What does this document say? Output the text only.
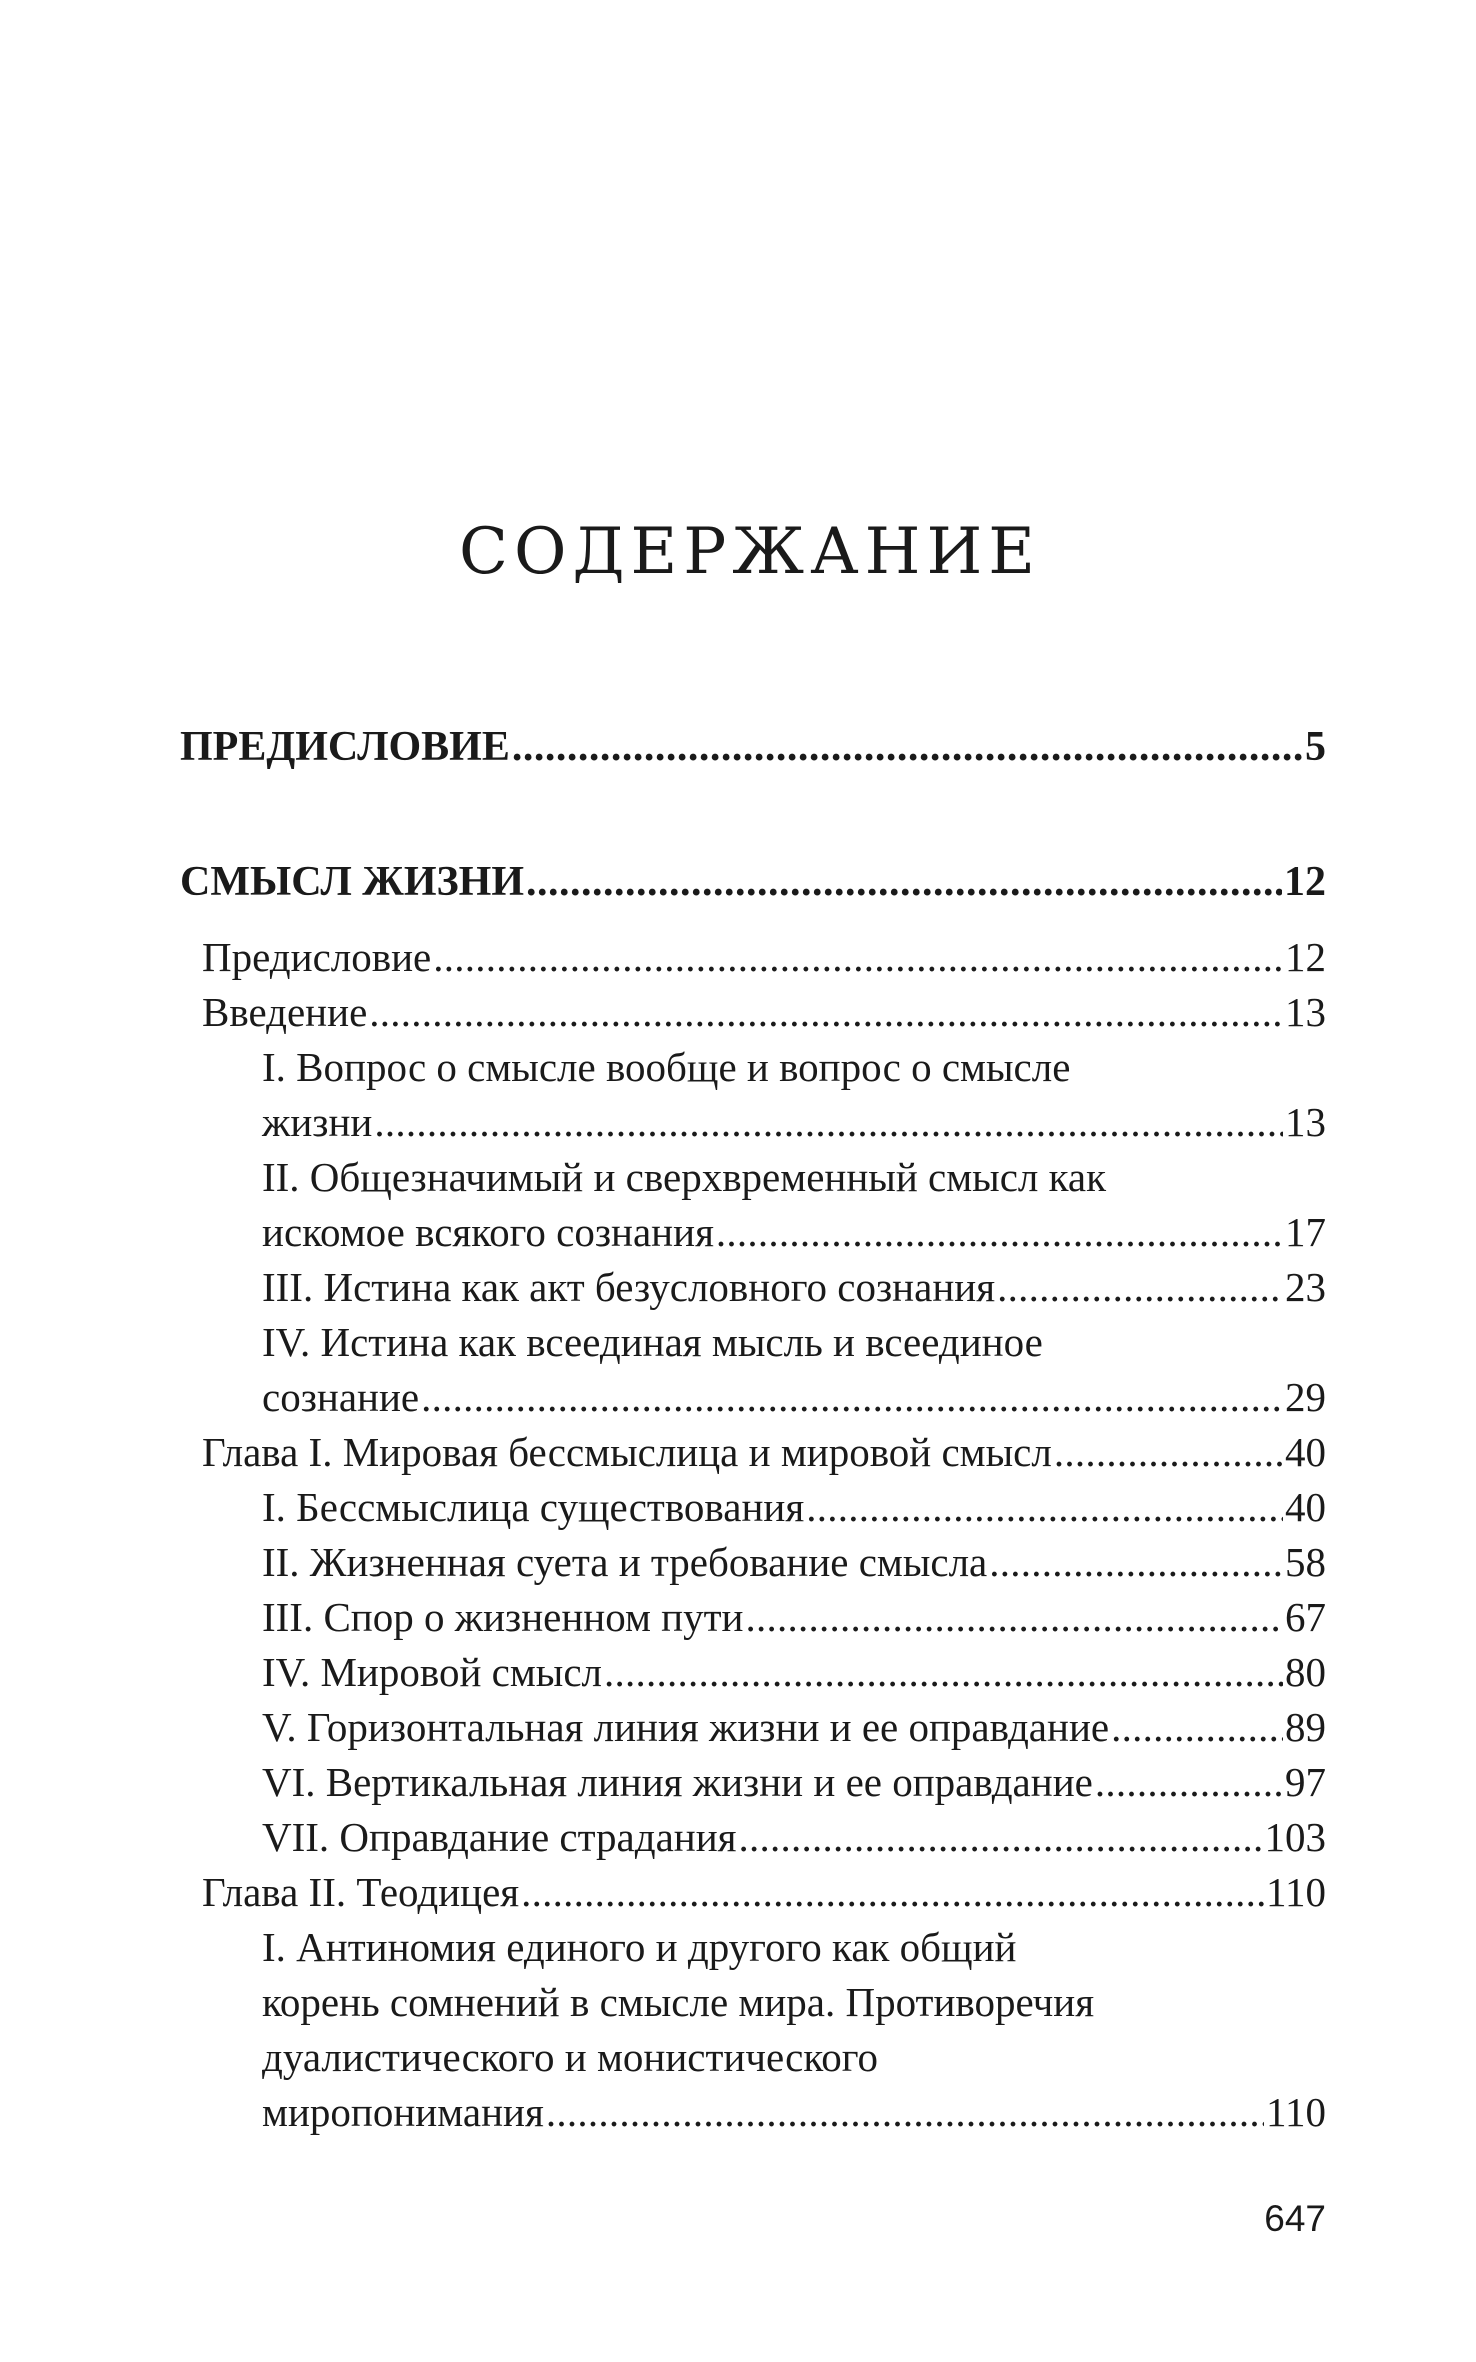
СОДЕРЖАНИЕ
ПРЕДИСЛОВИЕ . . .	5
СМЫСЛ ЖИЗНИ . . .	12
Предисловие . . .	12
Введение . . .	13
I. Вопрос о смысле вообще и вопрос о смысле
жизни . . .	13
II. Общезначимый и сверхвременный смысл как
искомое всякого сознания . . .	17
III. Истина как акт безусловного сознания . . .	23
IV. Истина как всеединая мысль и всеединое
сознание . . .	29
Глава I. Мировая бессмыслица и мировой смысл . . .	40
I. Бессмыслица существования . . .	40
II. Жизненная суета и требование смысла . . .	58
III. Спор о жизненном пути . . .	67
IV. Мировой смысл . . .	80
V. Горизонтальная линия жизни и ее оправдание . . .	89
VI. Вертикальная линия жизни и ее оправдание . . .	97
VII. Оправдание страдания . . .	103
Глава II. Теодицея . . .	110
I. Антиномия единого и другого как общий
корень сомнений в смысле мира. Противоречия
дуалистического и монистического
миропонимания . . .	110
647
